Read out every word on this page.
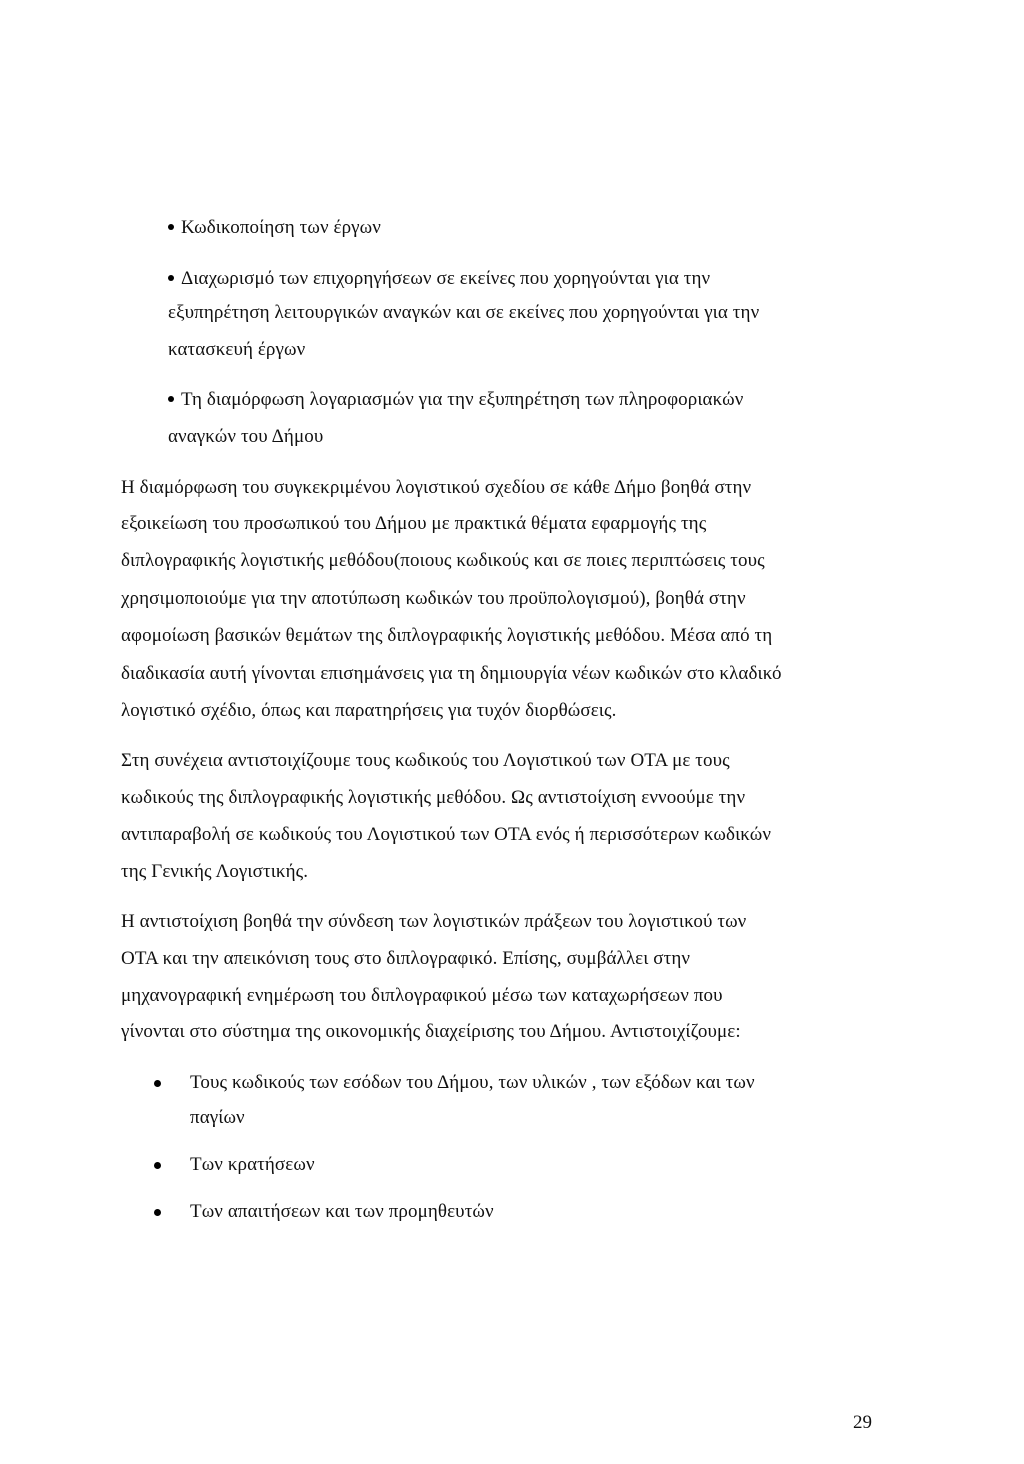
Κωδικοποίηση των έργων
Διαχωρισμό των επιχορηγήσεων σε εκείνες που χορηγούνται για την
εξυπηρέτηση λειτουργικών αναγκών και σε εκείνες που χορηγούνται για την
κατασκευή έργων
Τη διαμόρφωση λογαριασμών για την εξυπηρέτηση των πληροφοριακών
αναγκών του Δήμου
Η διαμόρφωση του συγκεκριμένου λογιστικού σχεδίου σε κάθε Δήμο βοηθά στην
εξοικείωση του προσωπικού του Δήμου με πρακτικά θέματα εφαρμογής της
διπλογραφικής λογιστικής μεθόδου(ποιους κωδικούς και σε ποιες περιπτώσεις τους
χρησιμοποιούμε για την αποτύπωση κωδικών του προϋπολογισμού), βοηθά στην
αφομοίωση βασικών θεμάτων της διπλογραφικής λογιστικής μεθόδου. Μέσα από τη
διαδικασία αυτή γίνονται επισημάνσεις για τη δημιουργία νέων κωδικών στο κλαδικό
λογιστικό σχέδιο, όπως και παρατηρήσεις για τυχόν διορθώσεις.
Στη συνέχεια αντιστοιχίζουμε τους κωδικούς του Λογιστικού των ΟΤΑ με τους
κωδικούς της διπλογραφικής λογιστικής μεθόδου. Ως αντιστοίχιση εννοούμε την
αντιπαραβολή σε κωδικούς του Λογιστικού των ΟΤΑ ενός ή περισσότερων κωδικών
της Γενικής Λογιστικής.
Η αντιστοίχιση βοηθά την σύνδεση των λογιστικών πράξεων του λογιστικού των
ΟΤΑ και την απεικόνιση τους στο διπλογραφικό. Επίσης, συμβάλλει στην
μηχανογραφική ενημέρωση του διπλογραφικού μέσω των καταχωρήσεων που
γίνονται στο σύστημα της οικονομικής διαχείρισης του Δήμου. Αντιστοιχίζουμε:
Τους κωδικούς των εσόδων του Δήμου, των υλικών , των εξόδων και των
παγίων
Των κρατήσεων
Των απαιτήσεων και των προμηθευτών
29
